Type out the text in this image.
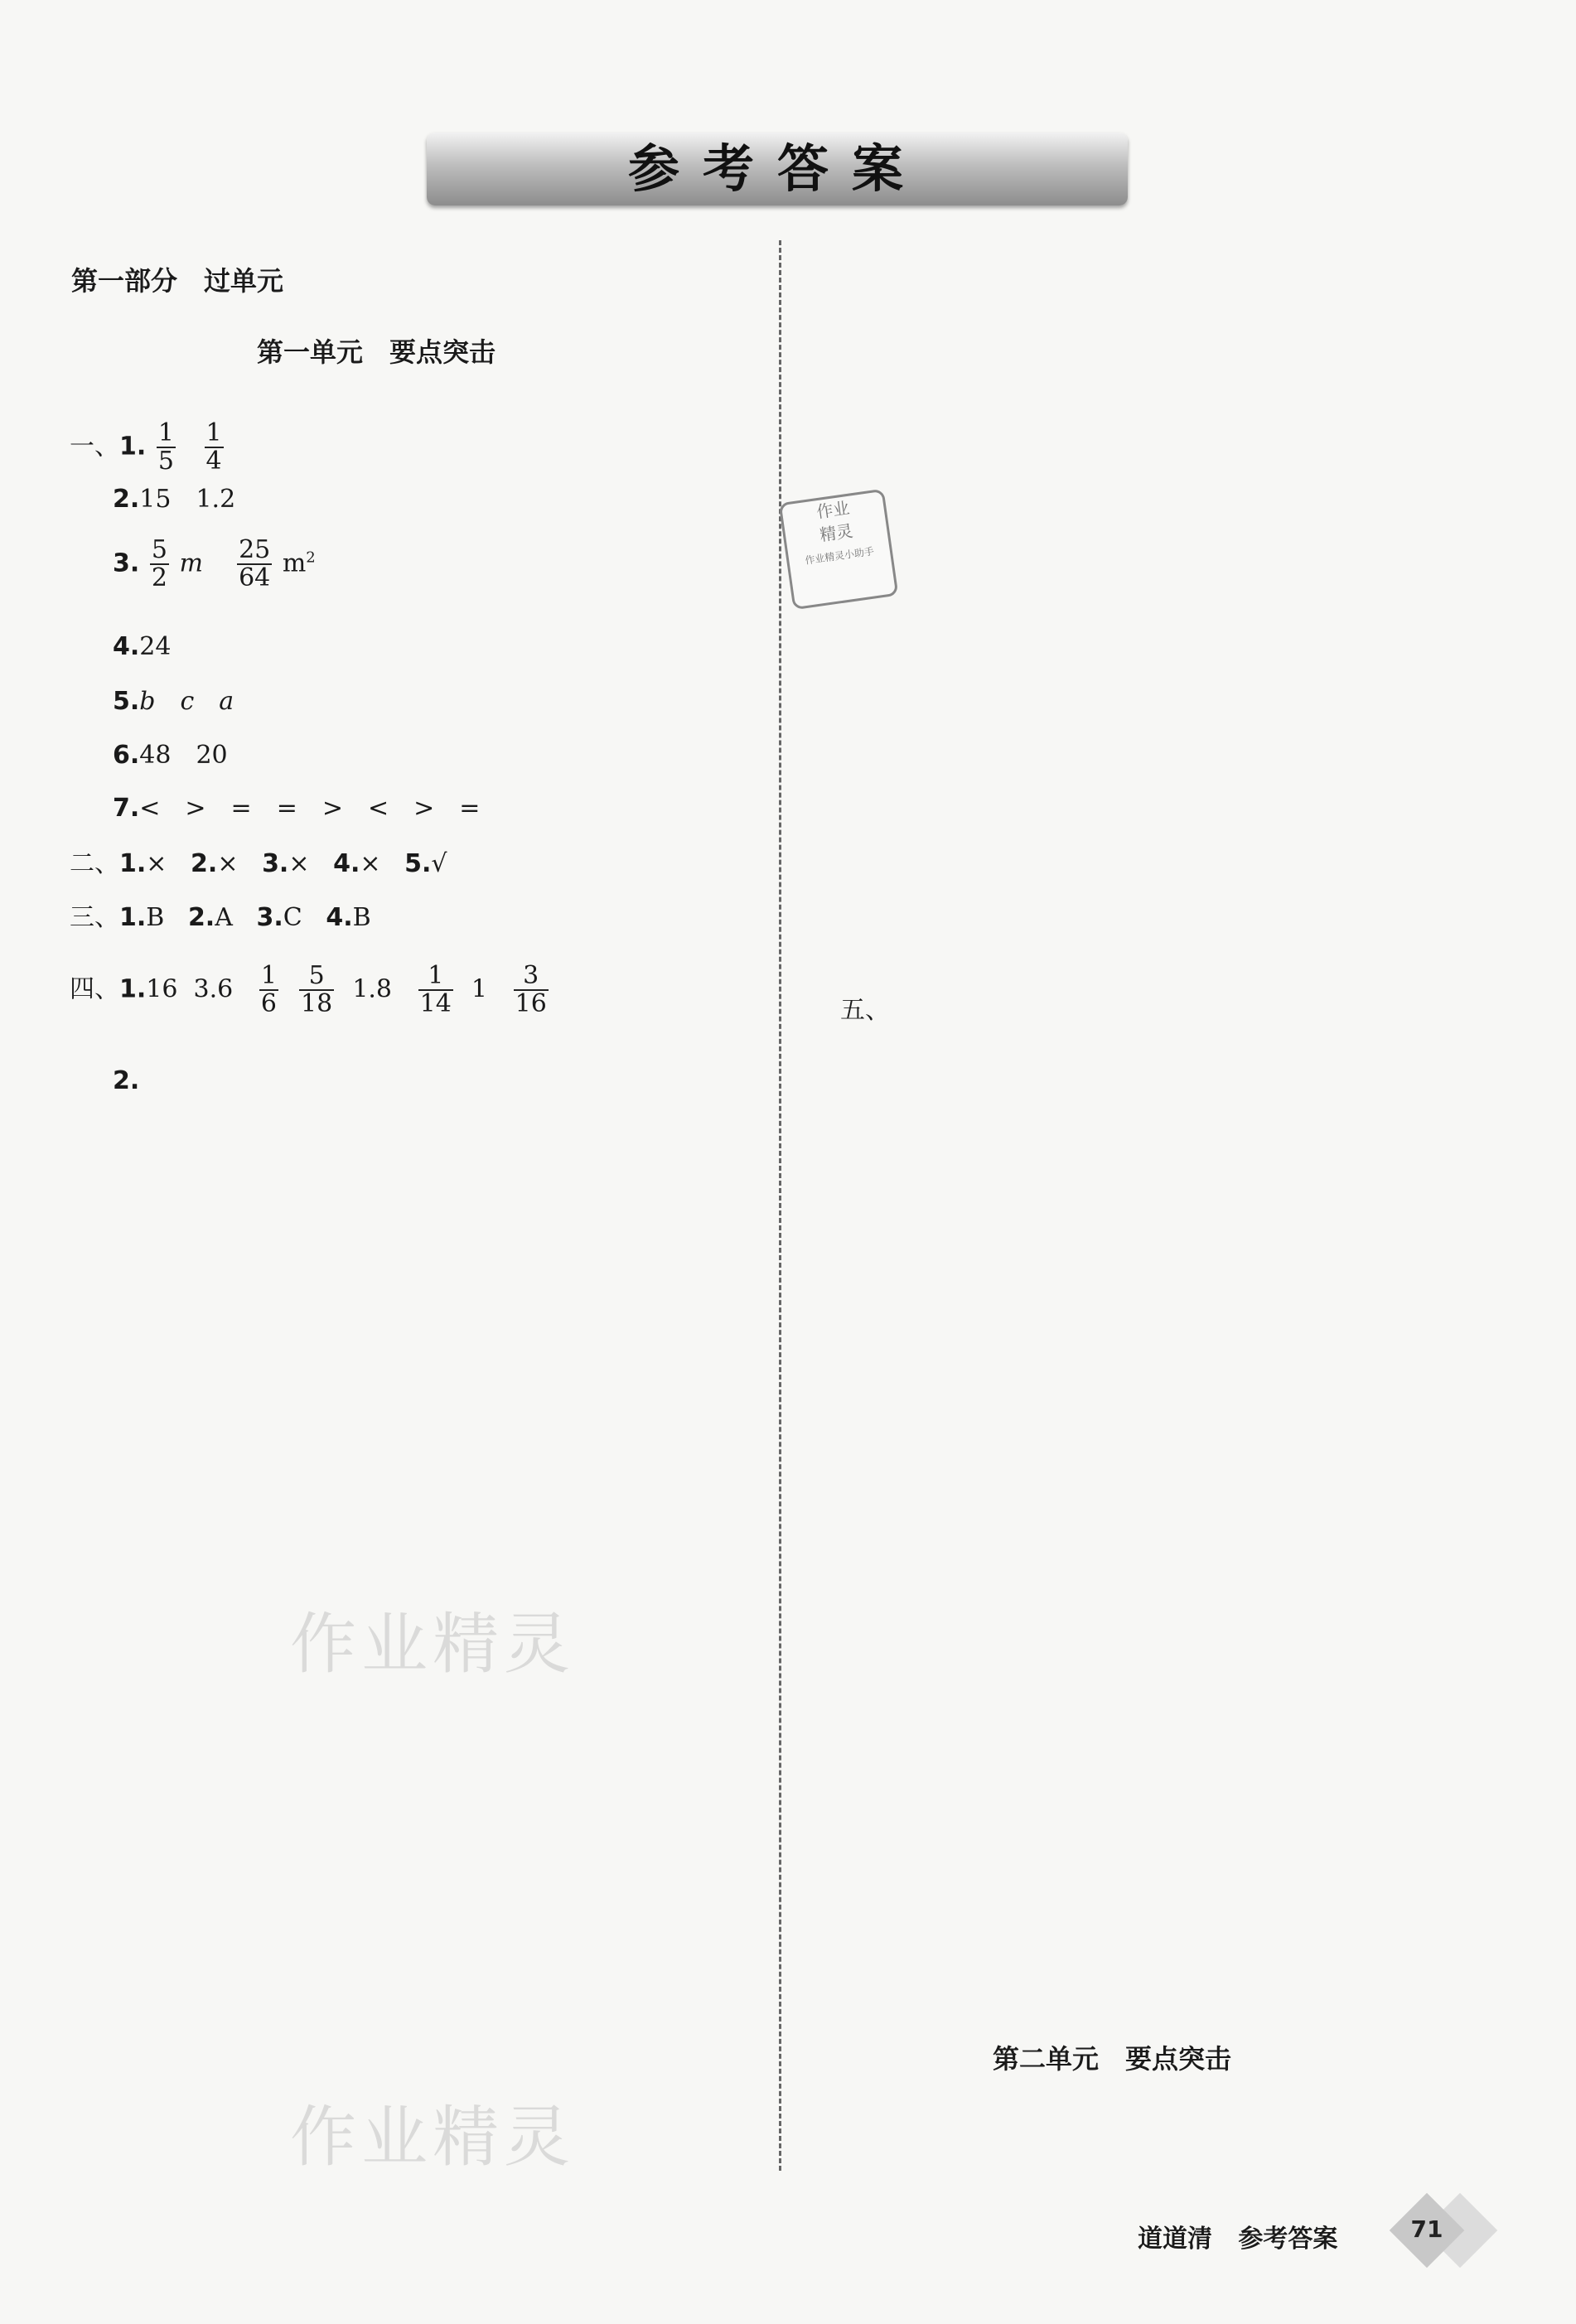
参考答案
第一部分　过单元
第一单元　要点突击
一、1. $\frac{1}{5}$
$\frac{1}{4}$
2.15　1.2
3. $\frac{5}{2}$ m $\frac{25}{64} m^2$
4.24
5.b　c　a
6.48　20
7.<　>　=　=　>　<　>　=
二、1.× 2.× 3.× 4.× 5.√
三、1.B 2.A 3.C 4.B
四、1.16 $3.6 \frac{1}{6}$
$\frac{5}{18} 1.8 \frac{1}{14} 1 \frac{3}{16}$
2.
作业精灵
作业精灵
作业
精灵
作业精灵小助手
五、
第二单元　要点突击
道道清 参考答案	71
